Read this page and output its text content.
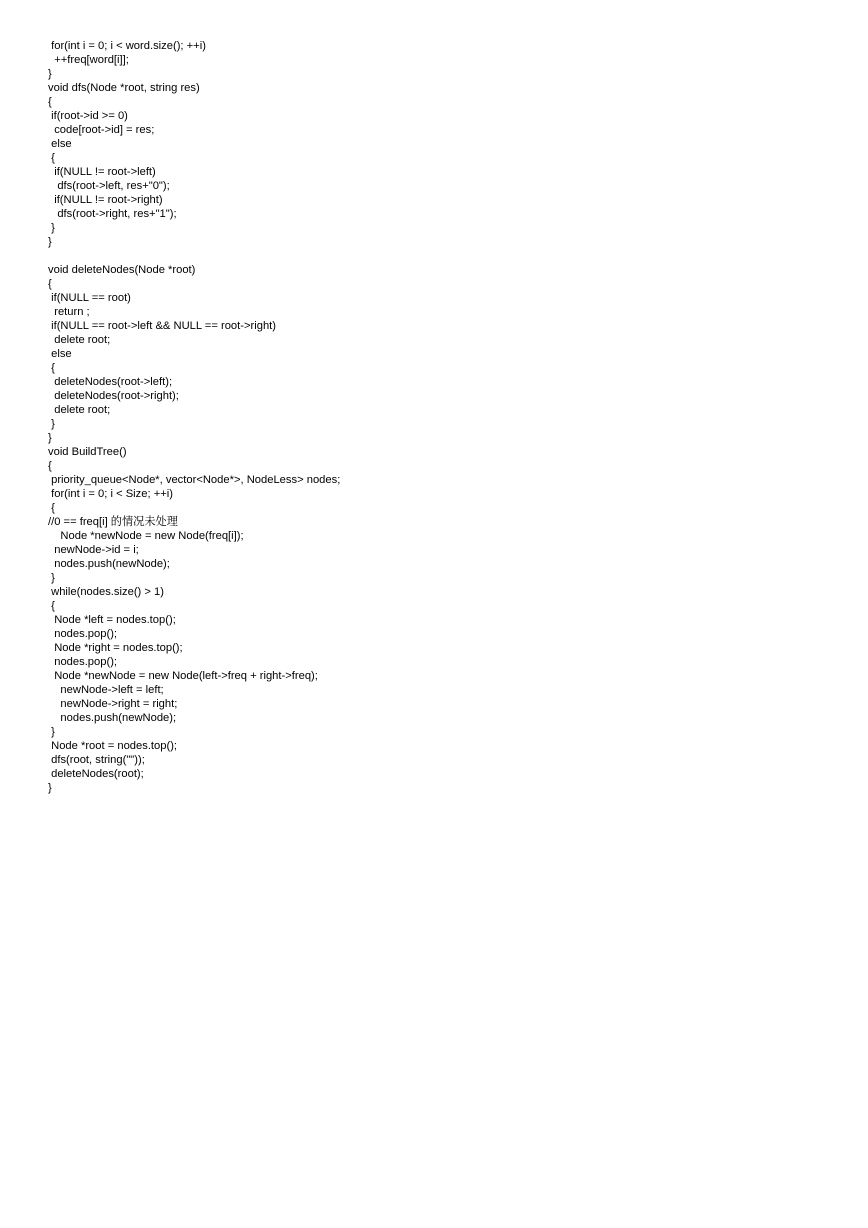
for(int i = 0; i < word.size(); ++i)
++freq[word[i]];
}
void dfs(Node *root, string res)
{
if(root->id >= 0)
code[root->id] = res;
else
{
if(NULL != root->left)
dfs(root->left, res+"0");
if(NULL != root->right)
dfs(root->right, res+"1");
}
}
void deleteNodes(Node *root)
{
if(NULL == root)
return ;
if(NULL == root->left && NULL == root->right)
delete root;
else
{
deleteNodes(root->left);
deleteNodes(root->right);
delete root;
}
}
void BuildTree()
{
priority_queue<Node*, vector<Node*>, NodeLess> nodes;
for(int i = 0; i < Size; ++i)
{
//0 == freq[i] 的情况未处理
Node *newNode = new Node(freq[i]);
newNode->id = i;
nodes.push(newNode);
}
while(nodes.size() > 1)
{
Node *left = nodes.top();
nodes.pop();
Node *right = nodes.top();
nodes.pop();
Node *newNode = new Node(left->freq + right->freq);
newNode->left = left;
newNode->right = right;
nodes.push(newNode);
}
Node *root = nodes.top();
dfs(root, string(""));
deleteNodes(root);
}
